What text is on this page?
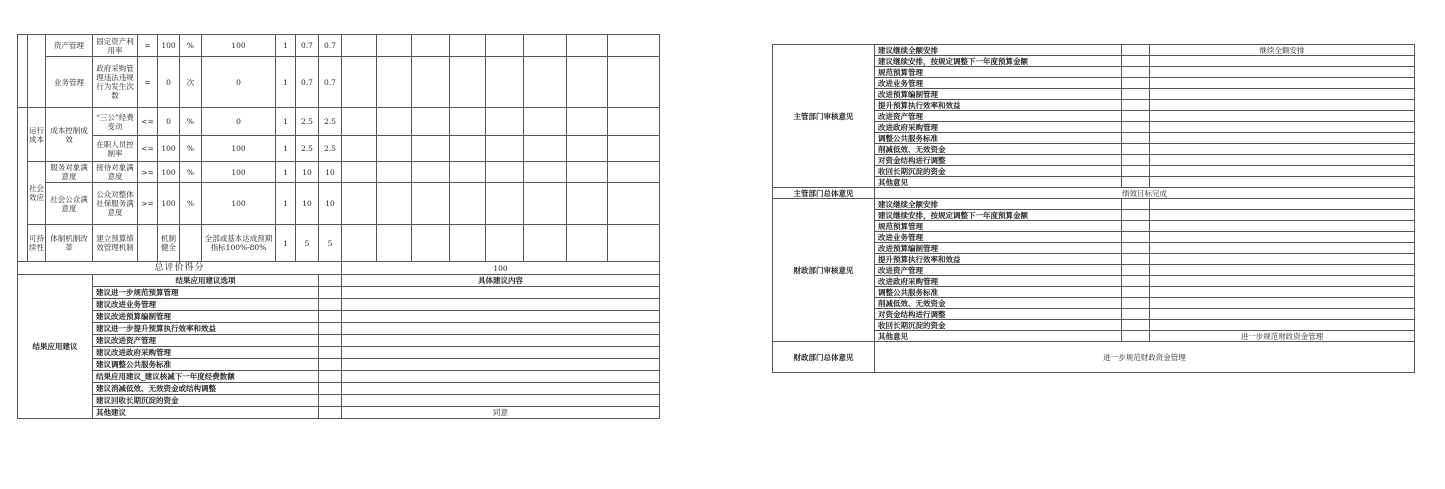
		资产管理	固定资产利用率	=	100	%	100	1	0.7	0.7								
		业务管理	政府采购管理违法违规行为发生次数	=	0	次	0	1	0.7	0.7								
	运行成本	成本控制成效	“三公”经费变动	<=	0	%	0	1	2.5	2.5								
			在职人员控制率	<=	100	%	100	1	2.5	2.5								
	社会效应	服务对象满意度	接待对象满意度	>=	100	%	100	1	10	10								
		社会公众满意度	公众对整体社保服务满意度	>=	100	%	100	1	10	10								
	可持续性	体制机制改革	建立预算绩效管理机制		机制健全		全部或基本达成预期指标100%-80%	1	5	5								
总评价得分											100							
结果应用建议			结果应用建议选项								具体建议内容							
			建议进一步规范预算管理															
			建议改进业务管理															
			建议改进预算编制管理															
			建议进一步提升预算执行效率和效益															
			建议改进资产管理															
			建议改进政府采购管理															
			建议调整公共服务标准															
			结果应用建议_建议核减下一年度经费数额															
			建议消减低效、无效资金或结构调整															
			建议回收长期沉淀的资金															
			其他建议								同意							
主管部门审核意见	建议继续全额安排		继续全额安排
	建议继续安排，按规定调整下一年度预算金额		
	规范预算管理		
	改进业务管理		
	改进预算编制管理		
	提升预算执行效率和效益		
	改进资产管理		
	改进政府采购管理		
	调整公共服务标准		
	削减低效、无效资金		
	对资金结构进行调整		
	收回长期沉淀的资金		
	其他意见		
主管部门总体意见	绩效目标完成		
财政部门审核意见	建议继续全额安排		
	建议继续安排，按规定调整下一年度预算金额		
	规范预算管理		
	改进业务管理		
	改进预算编制管理		
	提升预算执行效率和效益		
	改进资产管理		
	改进政府采购管理		
	调整公共服务标准		
	削减低效、无效资金		
	对资金结构进行调整		
	收回长期沉淀的资金		
	其他意见		进一步规范财政资金管理
财政部门总体意见	进一步规范财政资金管理		
